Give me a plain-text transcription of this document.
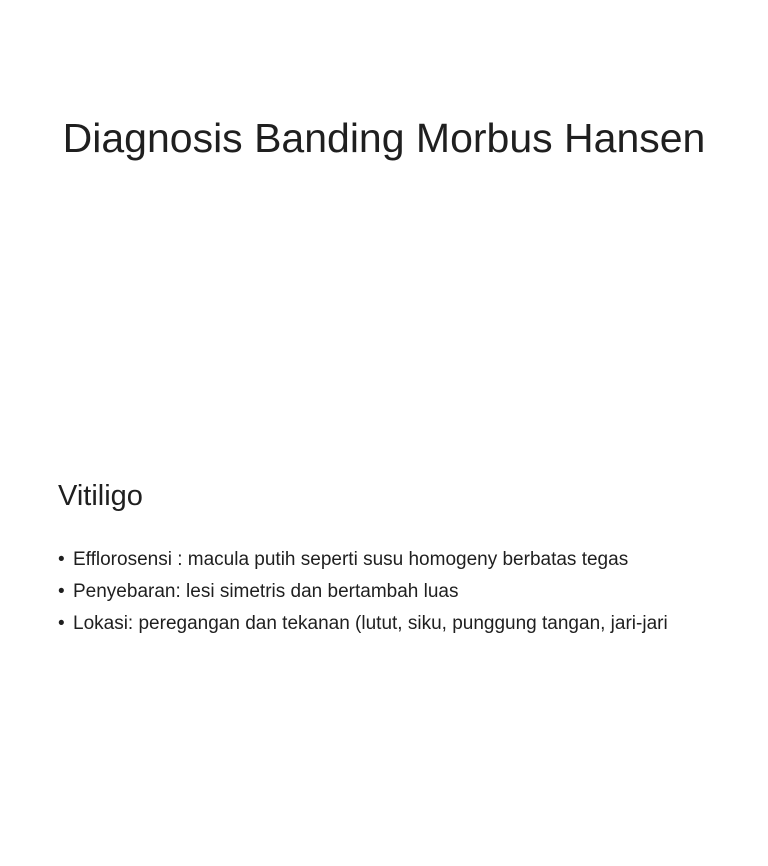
Diagnosis Banding Morbus Hansen
Vitiligo
• Efflorosensi : macula putih seperti susu homogeny berbatas tegas
• Penyebaran: lesi simetris dan bertambah luas
• Lokasi: peregangan dan tekanan (lutut, siku, punggung tangan, jari-jari
